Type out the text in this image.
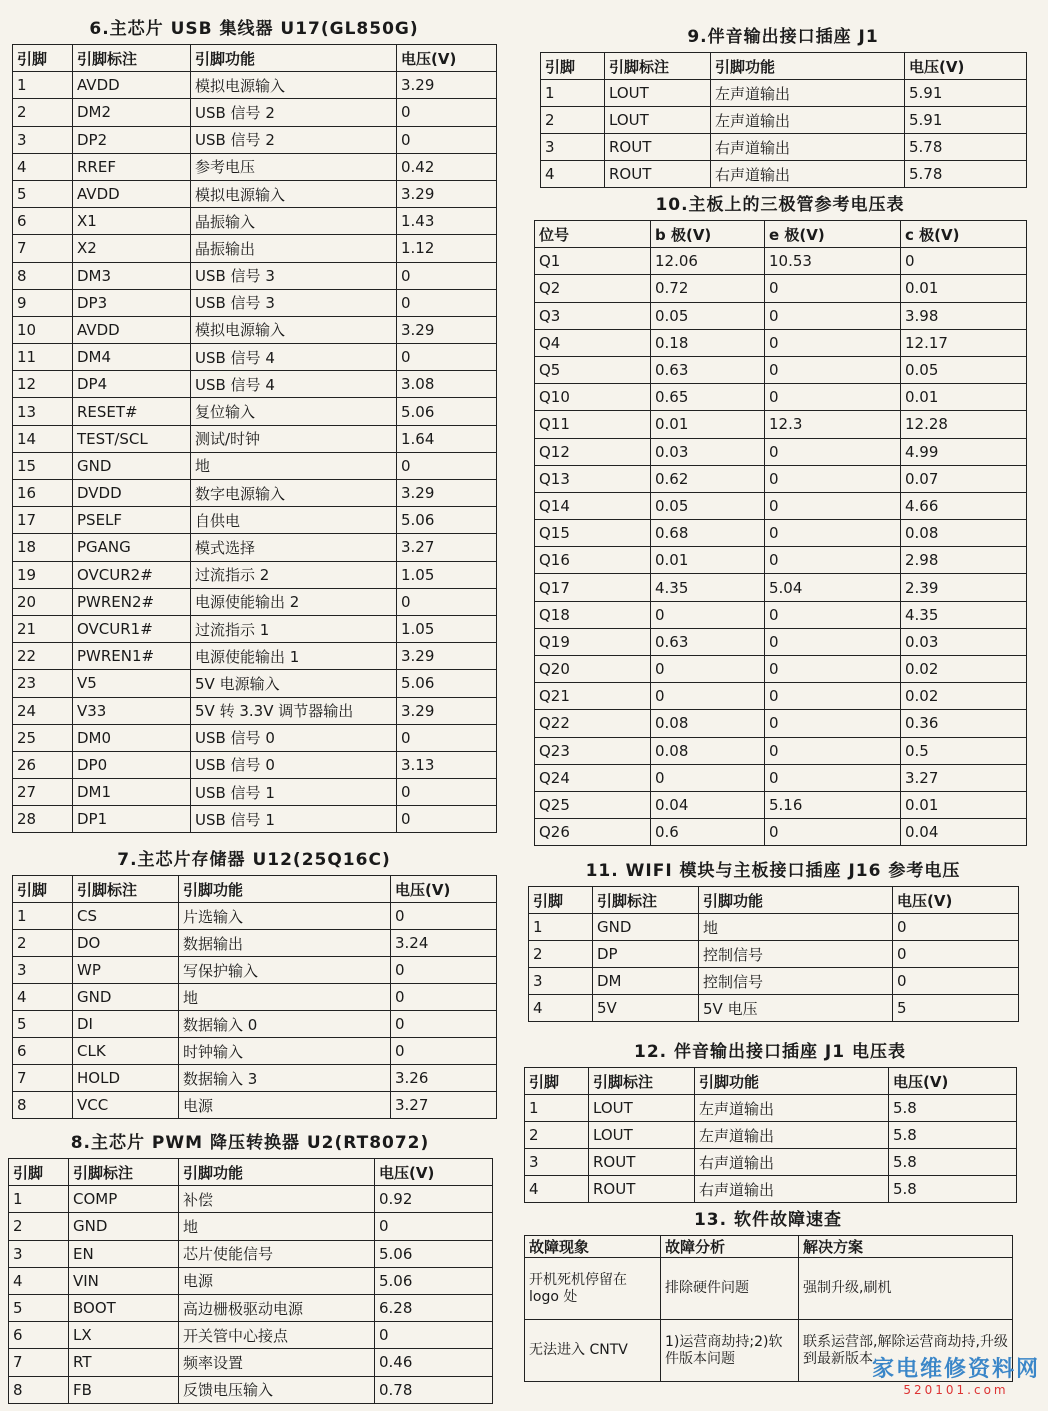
6.主芯片 USB 集线器 U17(GL850G)
引脚	引脚标注	引脚功能	电压(V)
1	AVDD	模拟电源输入	3.29
2	DM2	USB 信号 2	0
3	DP2	USB 信号 2	0
4	RREF	参考电压	0.42
5	AVDD	模拟电源输入	3.29
6	X1	晶振输入	1.43
7	X2	晶振输出	1.12
8	DM3	USB 信号 3	0
9	DP3	USB 信号 3	0
10	AVDD	模拟电源输入	3.29
11	DM4	USB 信号 4	0
12	DP4	USB 信号 4	3.08
13	RESET#	复位输入	5.06
14	TEST/SCL	测试/时钟	1.64
15	GND	地	0
16	DVDD	数字电源输入	3.29
17	PSELF	自供电	5.06
18	PGANG	模式选择	3.27
19	OVCUR2#	过流指示 2	1.05
20	PWREN2#	电源使能输出 2	0
21	OVCUR1#	过流指示 1	1.05
22	PWREN1#	电源使能输出 1	3.29
23	V5	5V 电源输入	5.06
24	V33	5V 转 3.3V 调节器输出	3.29
25	DM0	USB 信号 0	0
26	DP0	USB 信号 0	3.13
27	DM1	USB 信号 1	0
28	DP1	USB 信号 1	0
7.主芯片存储器 U12(25Q16C)
引脚	引脚标注	引脚功能	电压(V)
1	CS	片选输入	0
2	DO	数据输出	3.24
3	WP	写保护输入	0
4	GND	地	0
5	DI	数据输入 0	0
6	CLK	时钟输入	0
7	HOLD	数据输入 3	3.26
8	VCC	电源	3.27
8.主芯片 PWM 降压转换器 U2(RT8072)
引脚	引脚标注	引脚功能	电压(V)
1	COMP	补偿	0.92
2	GND	地	0
3	EN	芯片使能信号	5.06
4	VIN	电源	5.06
5	BOOT	高边栅极驱动电源	6.28
6	LX	开关管中心接点	0
7	RT	频率设置	0.46
8	FB	反馈电压输入	0.78
9.伴音输出接口插座 J1
引脚	引脚标注	引脚功能	电压(V)
1	LOUT	左声道输出	5.91
2	LOUT	左声道输出	5.91
3	ROUT	右声道输出	5.78
4	ROUT	右声道输出	5.78
10.主板上的三极管参考电压表
位号	b 极(V)	e 极(V)	c 极(V)
Q1	12.06	10.53	0
Q2	0.72	0	0.01
Q3	0.05	0	3.98
Q4	0.18	0	12.17
Q5	0.63	0	0.05
Q10	0.65	0	0.01
Q11	0.01	12.3	12.28
Q12	0.03	0	4.99
Q13	0.62	0	0.07
Q14	0.05	0	4.66
Q15	0.68	0	0.08
Q16	0.01	0	2.98
Q17	4.35	5.04	2.39
Q18	0	0	4.35
Q19	0.63	0	0.03
Q20	0	0	0.02
Q21	0	0	0.02
Q22	0.08	0	0.36
Q23	0.08	0	0.5
Q24	0	0	3.27
Q25	0.04	5.16	0.01
Q26	0.6	0	0.04
11. WIFI 模块与主板接口插座 J16 参考电压
引脚	引脚标注	引脚功能	电压(V)
1	GND	地	0
2	DP	控制信号	0
3	DM	控制信号	0
4	5V	5V 电压	5
12. 伴音输出接口插座 J1 电压表
引脚	引脚标注	引脚功能	电压(V)
1	LOUT	左声道输出	5.8
2	LOUT	左声道输出	5.8
3	ROUT	右声道输出	5.8
4	ROUT	右声道输出	5.8
13. 软件故障速查
故障现象	故障分析	解决方案
开机死机停留在 logo 处	排除硬件问题	强制升级,刷机
无法进入 CNTV	1)运营商劫持;2)软件版本问题	联系运营部,解除运营商劫持,升级到最新版本
家电维修资料网
520101.com
